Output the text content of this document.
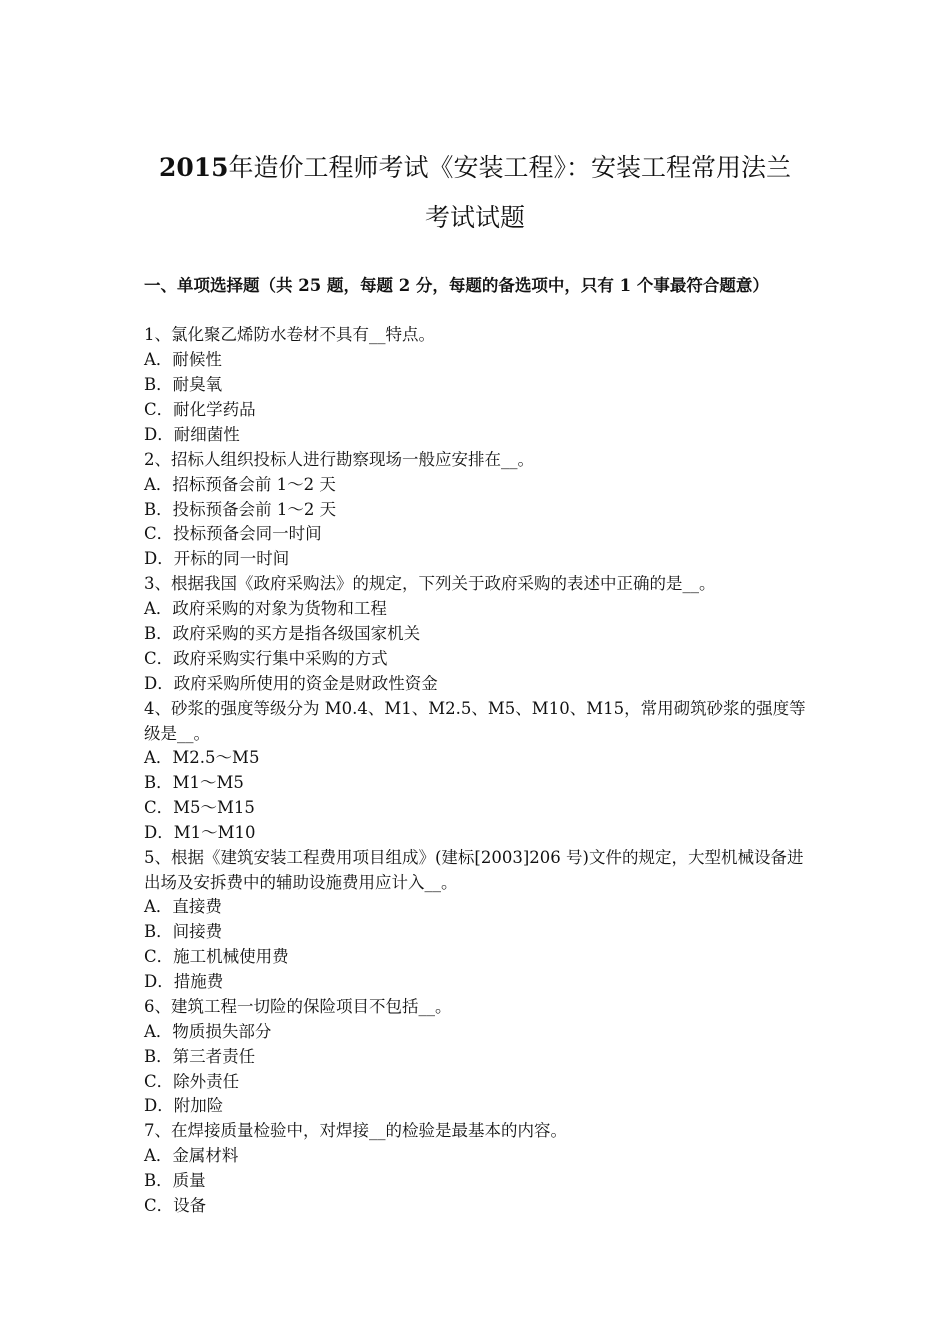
2015年造价工程师考试《安装工程》：安装工程常用法兰
考试试题
一、单项选择题（共 25 题，每题 2 分，每题的备选项中，只有 1 个事最符合题意）
1、氯化聚乙烯防水卷材不具有__特点。
A．耐候性
B．耐臭氧
C．耐化学药品
D．耐细菌性
2、招标人组织投标人进行勘察现场一般应安排在__。
A．招标预备会前 1～2 天
B．投标预备会前 1～2 天
C．投标预备会同一时间
D．开标的同一时间
3、根据我国《政府采购法》的规定，下列关于政府采购的表述中正确的是__。
A．政府采购的对象为货物和工程
B．政府采购的买方是指各级国家机关
C．政府采购实行集中采购的方式
D．政府采购所使用的资金是财政性资金
4、砂浆的强度等级分为 M0.4、M1、M2.5、M5、M10、M15，常用砌筑砂浆的强度等级是__。
A．M2.5～M5
B．M1～M5
C．M5～M15
D．M1～M10
5、根据《建筑安装工程费用项目组成》(建标[2003]206 号)文件的规定，大型机械设备进出场及安拆费中的辅助设施费用应计入__。
A．直接费
B．间接费
C．施工机械使用费
D．措施费
6、建筑工程一切险的保险项目不包括__。
A．物质损失部分
B．第三者责任
C．除外责任
D．附加险
7、在焊接质量检验中，对焊接__的检验是最基本的内容。
A．金属材料
B．质量
C．设备
